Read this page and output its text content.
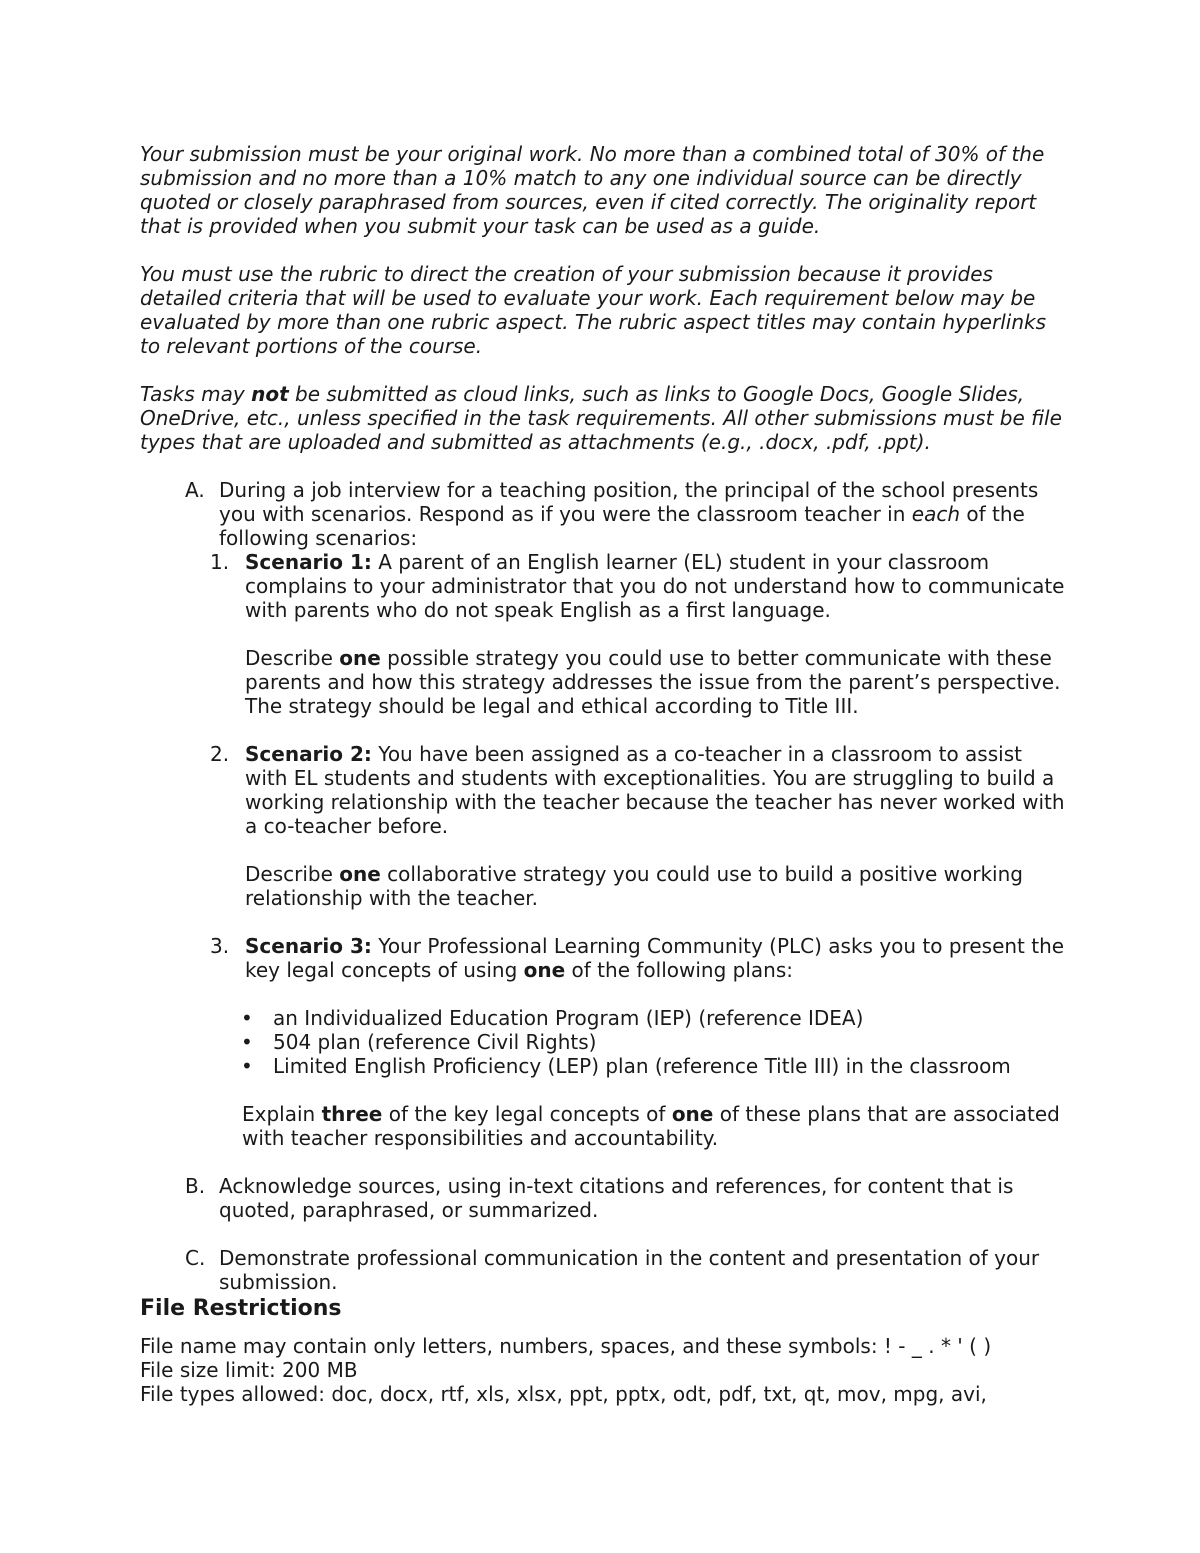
Your submission must be your original work. No more than a combined total of 30% of the submission and no more than a 10% match to any one individual source can be directly quoted or closely paraphrased from sources, even if cited correctly. The originality report that is provided when you submit your task can be used as a guide.

You must use the rubric to direct the creation of your submission because it provides detailed criteria that will be used to evaluate your work. Each requirement below may be evaluated by more than one rubric aspect. The rubric aspect titles may contain hyperlinks to relevant portions of the course.

Tasks may not be submitted as cloud links, such as links to Google Docs, Google Slides, OneDrive, etc., unless specified in the task requirements. All other submissions must be file types that are uploaded and submitted as attachments (e.g., .docx, .pdf, .ppt).

A. During a job interview for a teaching position, the principal of the school presents you with scenarios. Respond as if you were the classroom teacher in each of the following scenarios:

1. Scenario 1: A parent of an English learner (EL) student in your classroom complains to your administrator that you do not understand how to communicate with parents who do not speak English as a first language.

Describe one possible strategy you could use to better communicate with these parents and how this strategy addresses the issue from the parent’s perspective. The strategy should be legal and ethical according to Title III.

2. Scenario 2: You have been assigned as a co-teacher in a classroom to assist with EL students and students with exceptionalities. You are struggling to build a working relationship with the teacher because the teacher has never worked with a co-teacher before.

Describe one collaborative strategy you could use to build a positive working relationship with the teacher.

3. Scenario 3: Your Professional Learning Community (PLC) asks you to present the key legal concepts of using one of the following plans:

• an Individualized Education Program (IEP) (reference IDEA)
• 504 plan (reference Civil Rights)
• Limited English Proficiency (LEP) plan (reference Title III) in the classroom

Explain three of the key legal concepts of one of these plans that are associated with teacher responsibilities and accountability.

B. Acknowledge sources, using in-text citations and references, for content that is quoted, paraphrased, or summarized.

C. Demonstrate professional communication in the content and presentation of your submission.

File Restrictions

File name may contain only letters, numbers, spaces, and these symbols: ! - _ . * ' ( )

File size limit: 200 MB

File types allowed: doc, docx, rtf, xls, xlsx, ppt, pptx, odt, pdf, txt, qt, mov, mpg, avi,
